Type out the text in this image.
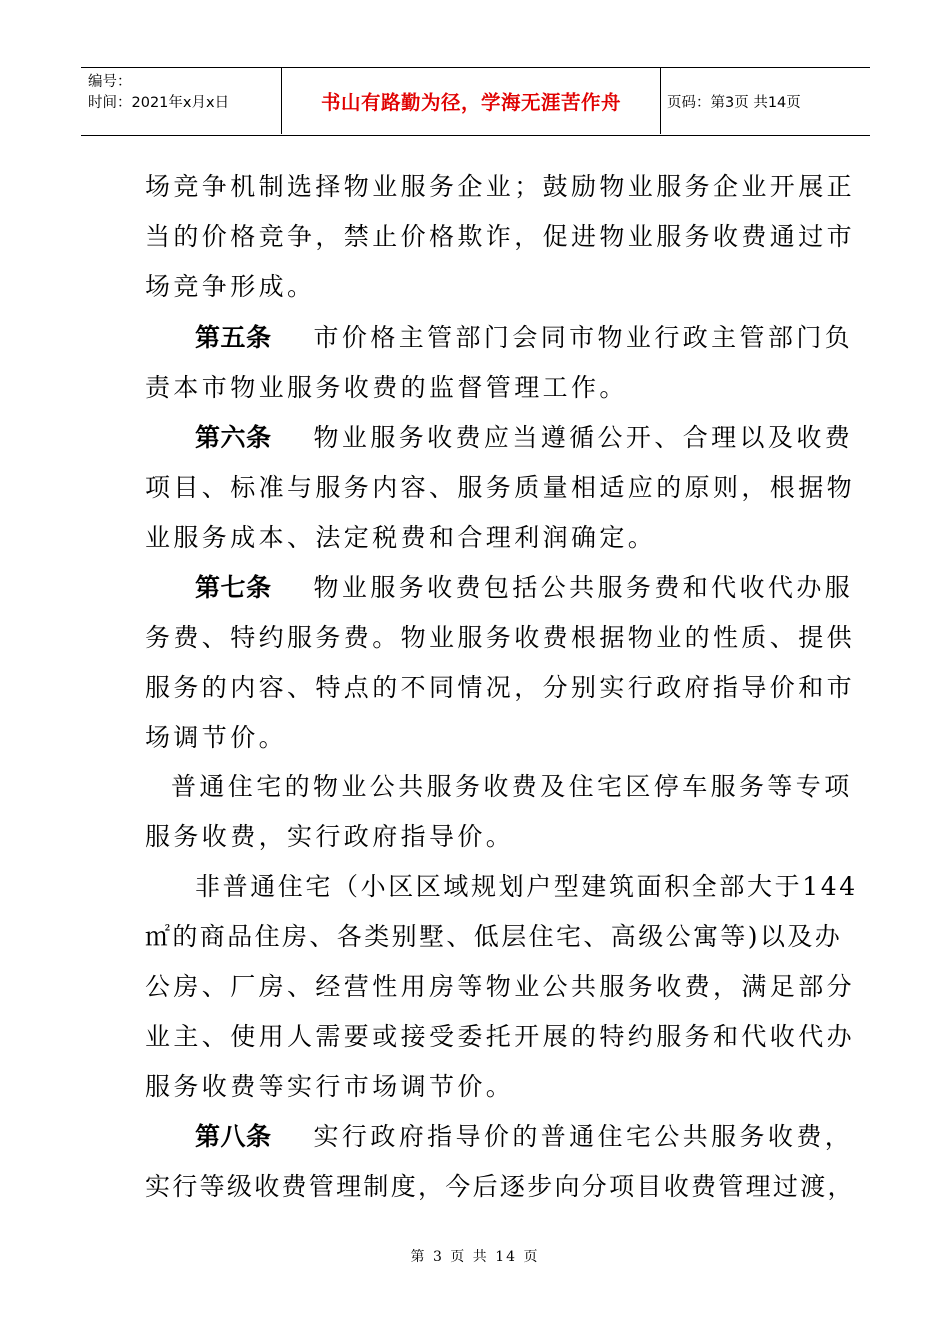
编号：
时间：2021年x月x日	书山有路勤为径，学海无涯苦作舟	页码：第3页 共14页
场竞争机制选择物业服务企业；鼓励物业服务企业开展正
当的价格竞争，禁止价格欺诈，促进物业服务收费通过市
场竞争形成。
第五条 市价格主管部门会同市物业行政主管部门负
责本市物业服务收费的监督管理工作。
第六条 物业服务收费应当遵循公开、合理以及收费
项目、标准与服务内容、服务质量相适应的原则，根据物
业服务成本、法定税费和合理利润确定。
第七条 物业服务收费包括公共服务费和代收代办服
务费、特约服务费。物业服务收费根据物业的性质、提供
服务的内容、特点的不同情况，分别实行政府指导价和市
场调节价。
普通住宅的物业公共服务收费及住宅区停车服务等专项
服务收费，实行政府指导价。
非普通住宅（小区区域规划户型建筑面积全部大于144
㎡的商品住房、各类别墅、低层住宅、高级公寓等)以及办
公房、厂房、经营性用房等物业公共服务收费，满足部分
业主、使用人需要或接受委托开展的特约服务和代收代办
服务收费等实行市场调节价。
第八条 实行政府指导价的普通住宅公共服务收费，
实行等级收费管理制度，今后逐步向分项目收费管理过渡，
第 3 页 共 14 页
